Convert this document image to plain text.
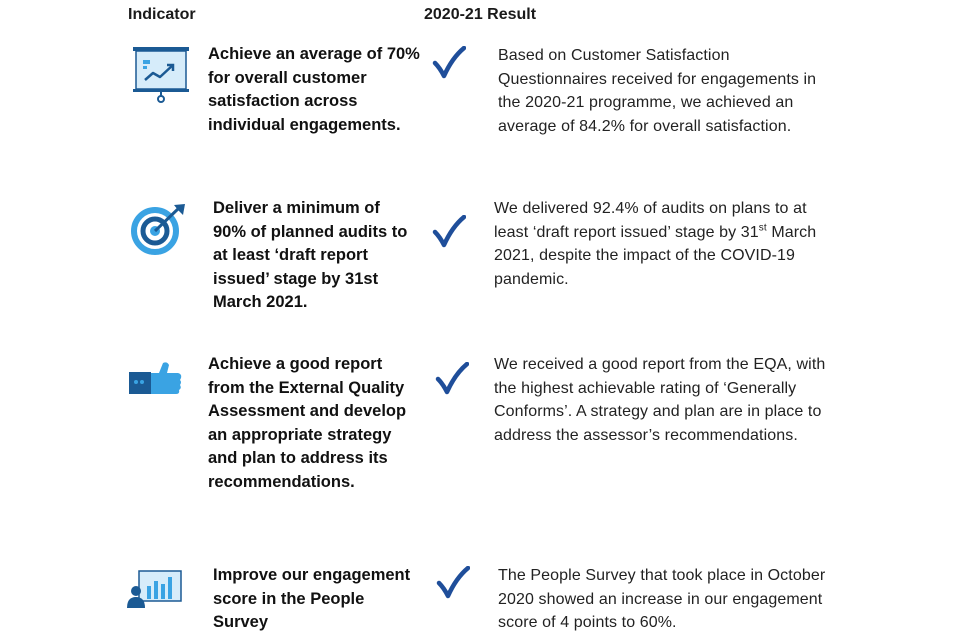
Indicator	2020-21 Result
Achieve an average of 70% for overall customer satisfaction across individual engagements.
Based on Customer Satisfaction Questionnaires received for engagements in the 2020-21 programme, we achieved an average of 84.2% for overall satisfaction.
Deliver a minimum of 90% of planned audits to at least ‘draft report issued’ stage by 31st March 2021.
We delivered 92.4% of audits on plans to at least ‘draft report issued’ stage by 31st March 2021, despite the impact of the COVID-19 pandemic.
Achieve a good report from the External Quality Assessment and develop an appropriate strategy and plan to address its recommendations.
We received a good report from the EQA, with the highest achievable rating of ‘Generally Conforms’. A strategy and plan are in place to address the assessor’s recommendations.
Improve our engagement score in the People Survey
The People Survey that took place in October 2020 showed an increase in our engagement score of 4 points to 60%.
